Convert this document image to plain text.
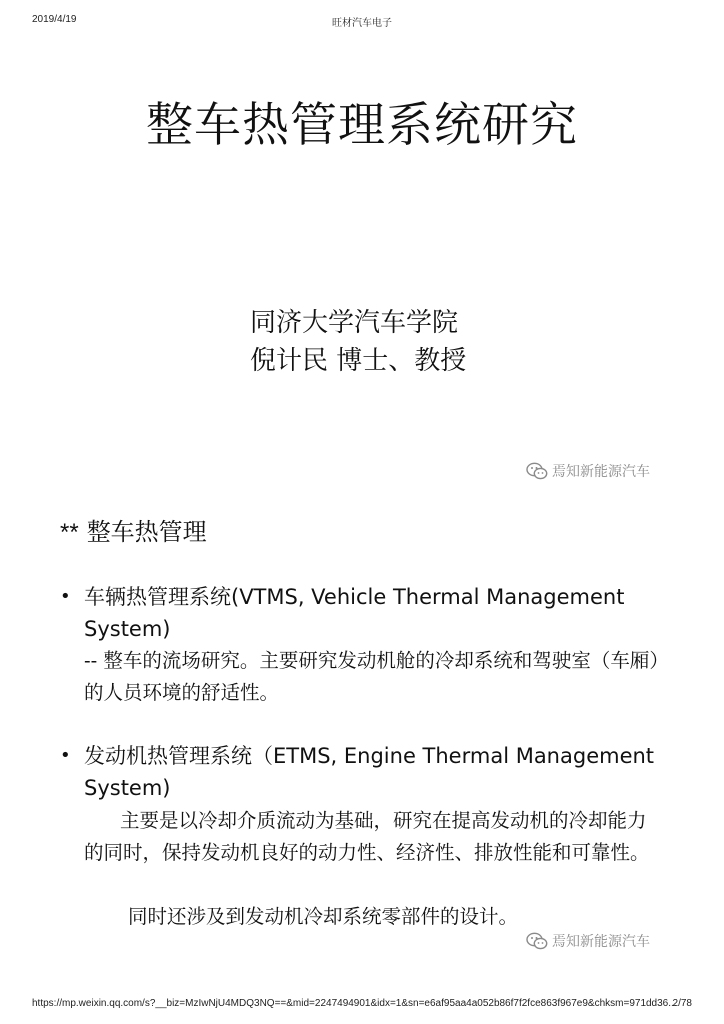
2019/4/19	旺材汽车电子
整车热管理系统研究
同济大学汽车学院
倪计民 博士、教授
焉知新能源汽车
** 整车热管理
• 车辆热管理系统(VTMS, Vehicle Thermal Management System)
-- 整车的流场研究。主要研究发动机舱的冷却系统和驾驶室（车厢）的人员环境的舒适性。
• 发动机热管理系统（ETMS, Engine Thermal Management System)
主要是以冷却介质流动为基础，研究在提高发动机的冷却能力的同时，保持发动机良好的动力性、经济性、排放性能和可靠性。
同时还涉及到发动机冷却系统零部件的设计。
焉知新能源汽车
https://mp.weixin.qq.com/s?__biz=MzIwNjU4MDQ3NQ==&mid=2247494901&idx=1&sn=e6af95aa4a052b86f7f2fce863f967e9&chksm=971dd36...
2/78
